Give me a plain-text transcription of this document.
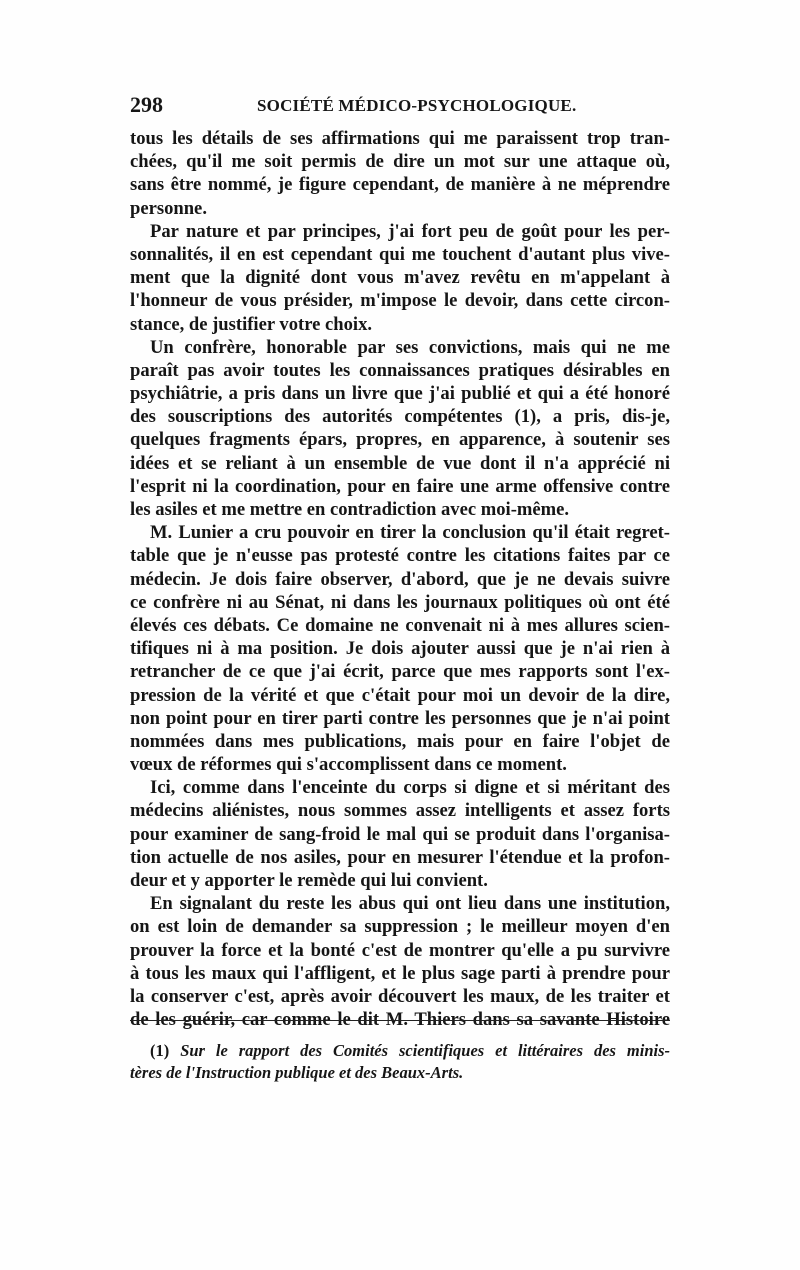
298	SOCIÉTÉ MÉDICO-PSYCHOLOGIQUE.
tous les détails de ses affirmations qui me paraissent trop tran-
chées, qu'il me soit permis de dire un mot sur une attaque où,
sans être nommé, je figure cependant, de manière à ne méprendre
personne.
Par nature et par principes, j'ai fort peu de goût pour les per-
sonnalités, il en est cependant qui me touchent d'autant plus vive-
ment que la dignité dont vous m'avez revêtu en m'appelant à
l'honneur de vous présider, m'impose le devoir, dans cette circon-
stance, de justifier votre choix.
Un confrère, honorable par ses convictions, mais qui ne me
paraît pas avoir toutes les connaissances pratiques désirables en
psychiâtrie, a pris dans un livre que j'ai publié et qui a été honoré
des souscriptions des autorités compétentes (1), a pris, dis-je,
quelques fragments épars, propres, en apparence, à soutenir ses
idées et se reliant à un ensemble de vue dont il n'a apprécié ni
l'esprit ni la coordination, pour en faire une arme offensive contre
les asiles et me mettre en contradiction avec moi-même.
M. Lunier a cru pouvoir en tirer la conclusion qu'il était regret-
table que je n'eusse pas protesté contre les citations faites par ce
médecin. Je dois faire observer, d'abord, que je ne devais suivre
ce confrère ni au Sénat, ni dans les journaux politiques où ont été
élevés ces débats. Ce domaine ne convenait ni à mes allures scien-
tifiques ni à ma position. Je dois ajouter aussi que je n'ai rien à
retrancher de ce que j'ai écrit, parce que mes rapports sont l'ex-
pression de la vérité et que c'était pour moi un devoir de la dire,
non point pour en tirer parti contre les personnes que je n'ai point
nommées dans mes publications, mais pour en faire l'objet de
vœux de réformes qui s'accomplissent dans ce moment.
Ici, comme dans l'enceinte du corps si digne et si méritant des
médecins aliénistes, nous sommes assez intelligents et assez forts
pour examiner de sang-froid le mal qui se produit dans l'organisa-
tion actuelle de nos asiles, pour en mesurer l'étendue et la profon-
deur et y apporter le remède qui lui convient.
En signalant du reste les abus qui ont lieu dans une institution,
on est loin de demander sa suppression ; le meilleur moyen d'en
prouver la force et la bonté c'est de montrer qu'elle a pu survivre
à tous les maux qui l'affligent, et le plus sage parti à prendre pour
la conserver c'est, après avoir découvert les maux, de les traiter et
de les guérir, car comme le dit M. Thiers dans sa savante Histoire
(1) Sur le rapport des Comités scientifiques et littéraires des minis-
tères de l'Instruction publique et des Beaux-Arts.
